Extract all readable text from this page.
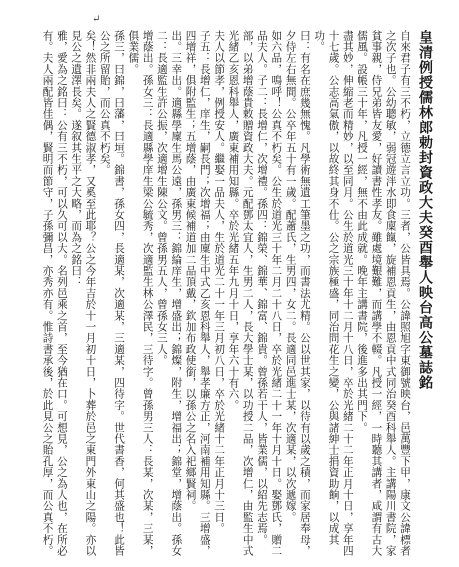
↵
皇清例授儒林郎勅封資政大夫癸酉舉人映台高公墓誌銘

自來君子有三不朽，立德立言立功。三者，公皆具焉。公諱照旭字東御號映台，邑萬豐下甲，康文公諱標者之次子也。公幼聰敏，弱冠遊泮水即食廩餼，旋補恩貢生，由恩貢中式同治癸酉科舉人。主講陽川書院，家貧事親，侍兄弟皆友愛，好讀書性孝友。雖處境艱難，而講學不輟。凡授一經，一時聽其講者，咸謂有古大儒風。設帳三十年，凡授一經，無不由此成就。晚年主講書院，後進多出其門下。

盡其妙，伸縮老而精妙，以至同月。公生於道光三十年十二月十八日，卒於光緒二十二年正月十日，享年四十七歲。公志高氣傲，以故終其身不仕。公之宗族極盛，同治問花生之變，公與諸紳士捐資助餉，以成其功。

曰：有名在庶幾無愧。凡學術無遺工筆墨之功，而書法尤精。公以世其家，以待有以歲之積，而家居奉母，夕侍左右無間。公卒年五十有一歲。配蕭氏，生男四，女二。長適同邑進士某，次適某，以次遞嫁。

如六品，鳴呼！公真不朽矣。公生於道光三十年二月二十八日，卒於光緒二十一年十月十日。娶鄧氏，贈二品夫人。子二：長增仁，次增禮。孫四：錦榮、錦華、錦富、錦貴。曾孫若干人，皆業儒，以紹先志焉。

部，以弟增蔭貴敕贈資政大夫。元配鄧太宜人，生男二人，長大學士某，以功授二品，次增仁，由監生中式光緒乙亥恩科舉人，廣東補用知縣。卒於光緒五年九月十日，享年六十有六。

夫人以節孝，例授安人。繼娶一品夫人，生於道光二十一年三月初八日，卒於光緒十二年正月十三日。

子五：長增仁，庠生，嗣長門；次增福；由廩生中式乙亥恩科舉人，舉孝廉方正，河南補用知縣。三增盛，四增祥，俱附監生；五增蔭，由廣東候補道加二品頂戴，欽加布政使銜，以孫公之名入祀鄉賢祠。

出。三幸出。適縣學廩生馬公遠，孫男三：錦綸庠生，增盛出；錦燦，附生，增福出；錦堂，增蔭出。孫女二：長適監生許公振，次適增生陳公文。曾孫男五人，曾孫女三人。

增蔭出。孫女三：長適縣學庠生梁公毓秀，次適監生林公澤民，三待字。曾孫男三人：長某，次某，三某，俱業儒。

孫三，曰錦，曰藩，曰垣。錦書，孫女四，長適某，次適某，三適某，四待字。世代書香，何其盛也！此皆公之所留貽，而公真不朽矣。

矣！然非兩夫人之賢德淑孝，又奚至此耶？公之今年吉於十一月初十日，卜葬於邑之東門外東山之陽。亦以見公之遺澤長矣。遂叙其生平之大略，而為之銘曰：

雅，愛為之銘曰：公有三不朽，可以久可以大。名列邑乘之首，至今猶在口。可想見，公之為人也，在所必有。夫人兩配皆佳偶，賢明而節守，子孫彌昌，亦秀亦有。惟詩書承後，於此見公之貽孔厚，而公真不朽。
